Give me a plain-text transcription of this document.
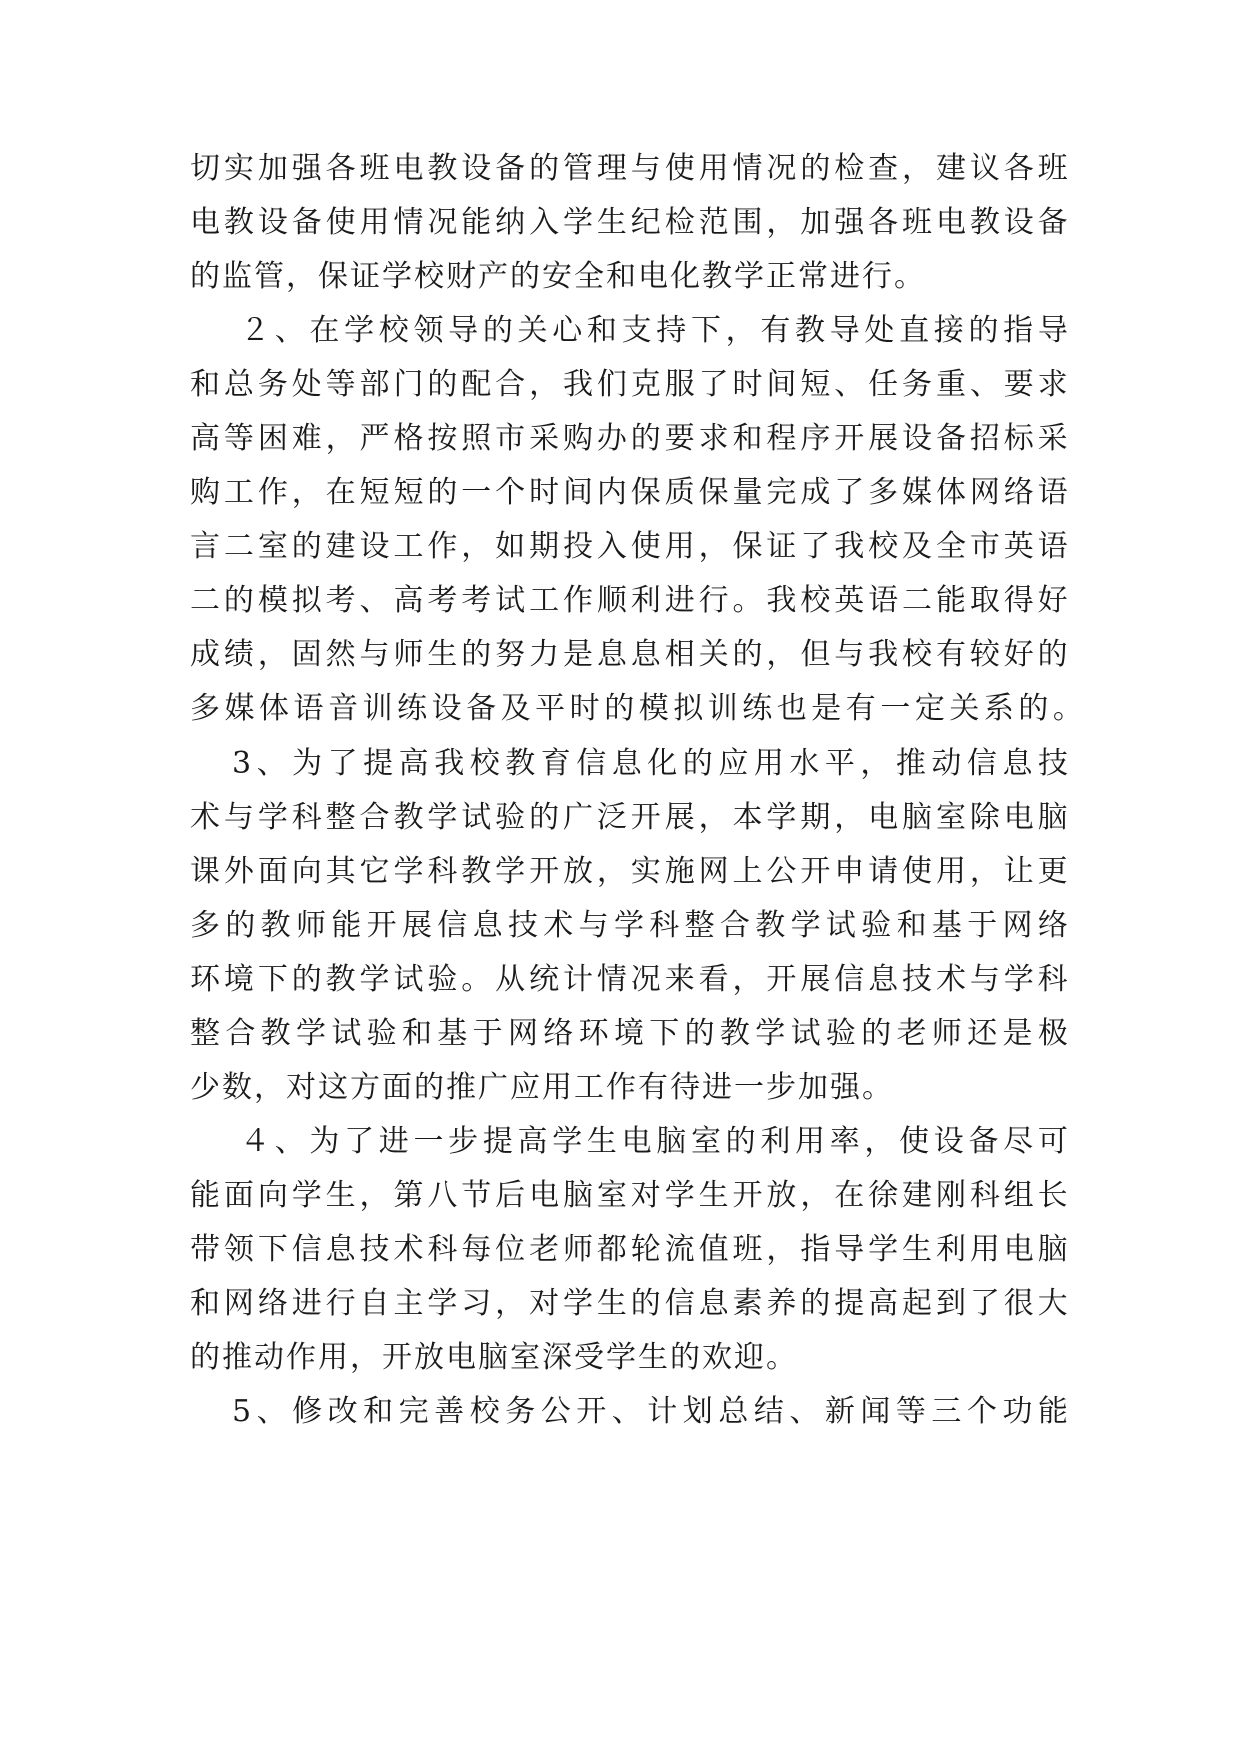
切 实 加 强 各 班 电 教 设 备 的 管 理 与 使 用 情 况 的 检 查 ， 建 议 各 班
电 教 设 备 使 用 情 况 能 纳 入 学 生 纪 检 范 围 ， 加 强 各 班 电 教 设 备
的监管，保证学校财产的安全和电化教学正常进行。
２ 、 在 学 校 领 导 的 关 心 和 支 持 下 ， 有 教 导 处 直 接 的 指 导
和 总 务 处 等 部 门 的 配 合 ， 我 们 克 服 了 时 间 短 、 任 务 重 、 要 求
高 等 困 难 ， 严 格 按 照 市 采 购 办 的 要 求 和 程 序 开 展 设 备 招 标 采
购 工 作 ， 在 短 短 的 一 个 时 间 内 保 质 保 量 完 成 了 多 媒 体 网 络 语
言 二 室 的 建 设 工 作 ， 如 期 投 入 使 用 ， 保 证 了 我 校 及 全 市 英 语
二 的 模 拟 考 、 高 考 考 试 工 作 顺 利 进 行 。 我 校 英 语 二 能 取 得 好
成 绩 ， 固 然 与 师 生 的 努 力 是 息 息 相 关 的 ， 但 与 我 校 有 较 好 的
多 媒 体 语 音 训 练 设 备 及 平 时 的 模 拟 训 练 也 是 有 一 定 关 系 的 。
3 、 为 了 提 高 我 校 教 育 信 息 化 的 应 用 水 平 ， 推 动 信 息 技
术 与 学 科 整 合 教 学 试 验 的 广 泛 开 展 ， 本 学 期 ， 电 脑 室 除 电 脑
课 外 面 向 其 它 学 科 教 学 开 放 ， 实 施 网 上 公 开 申 请 使 用 ， 让 更
多 的 教 师 能 开 展 信 息 技 术 与 学 科 整 合 教 学 试 验 和 基 于 网 络
环 境 下 的 教 学 试 验 。 从 统 计 情 况 来 看 ， 开 展 信 息 技 术 与 学 科
整 合 教 学 试 验 和 基 于 网 络 环 境 下 的 教 学 试 验 的 老 师 还 是 极
少数，对这方面的推广应用工作有待进一步加强。
４ 、 为 了 进 一 步 提 高 学 生 电 脑 室 的 利 用 率 ， 使 设 备 尽 可
能 面 向 学 生 ， 第 八 节 后 电 脑 室 对 学 生 开 放 ， 在 徐 建 刚 科 组 长
带 领 下 信 息 技 术 科 每 位 老 师 都 轮 流 值 班 ， 指 导 学 生 利 用 电 脑
和 网 络 进 行 自 主 学 习 ， 对 学 生 的 信 息 素 养 的 提 高 起 到 了 很 大
的推动作用，开放电脑室深受学生的欢迎。
5 、 修 改 和 完 善 校 务 公 开 、 计 划 总 结 、 新 闻 等 三 个 功 能
